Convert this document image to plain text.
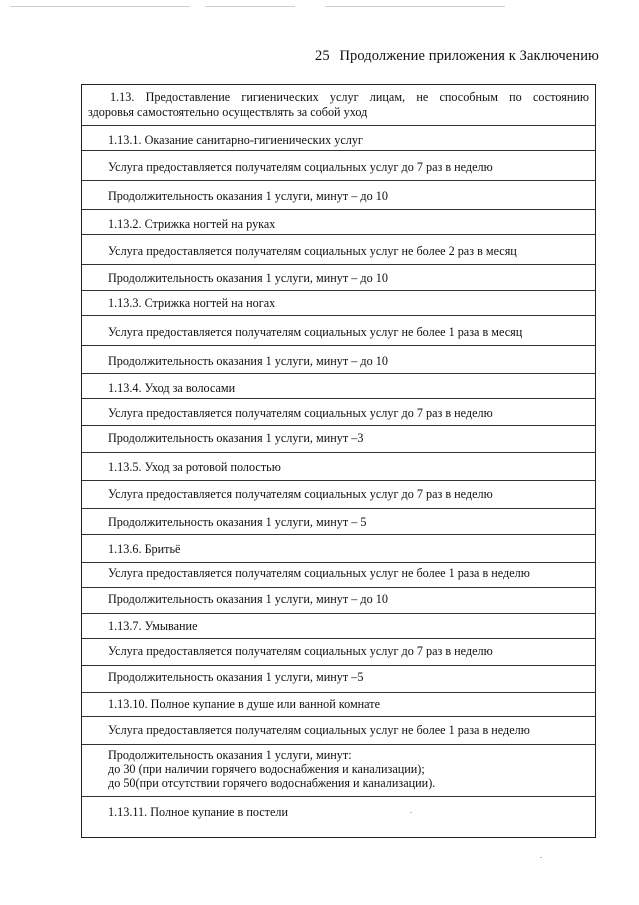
25 Продолжение приложения к Заключению
1.13. Предоставление гигиенических услуг лицам, не способным по состоянию
здоровья самостоятельно осуществлять за собой уход
1.13.1. Оказание санитарно-гигиенических услуг
Услуга предоставляется получателям социальных услуг до 7 раз в неделю
Продолжительность оказания 1 услуги, минут – до 10
1.13.2. Стрижка ногтей на руках
Услуга предоставляется получателям социальных услуг не более 2 раз в месяц
Продолжительность оказания 1 услуги, минут – до 10
1.13.3. Стрижка ногтей на ногах
Услуга предоставляется получателям социальных услуг не более 1 раза в месяц
Продолжительность оказания 1 услуги, минут – до 10
1.13.4. Уход за волосами
Услуга предоставляется получателям социальных услуг до 7 раз в неделю
Продолжительность оказания 1 услуги, минут –3
1.13.5. Уход за ротовой полостью
Услуга предоставляется получателям социальных услуг до 7 раз в неделю
Продолжительность оказания 1 услуги, минут – 5
1.13.6. Бритьё
Услуга предоставляется получателям социальных услуг не более 1 раза в неделю
Продолжительность оказания 1 услуги, минут – до 10
1.13.7. Умывание
Услуга предоставляется получателям социальных услуг до 7 раз в неделю
Продолжительность оказания 1 услуги, минут –5
1.13.10. Полное купание в душе или ванной комнате
Услуга предоставляется получателям социальных услуг не более 1 раза в неделю
Продолжительность оказания 1 услуги, минут:
до 30 (при наличии горячего водоснабжения и канализации);
до 50(при отсутствии горячего водоснабжения и канализации).
1.13.11. Полное купание в постели
